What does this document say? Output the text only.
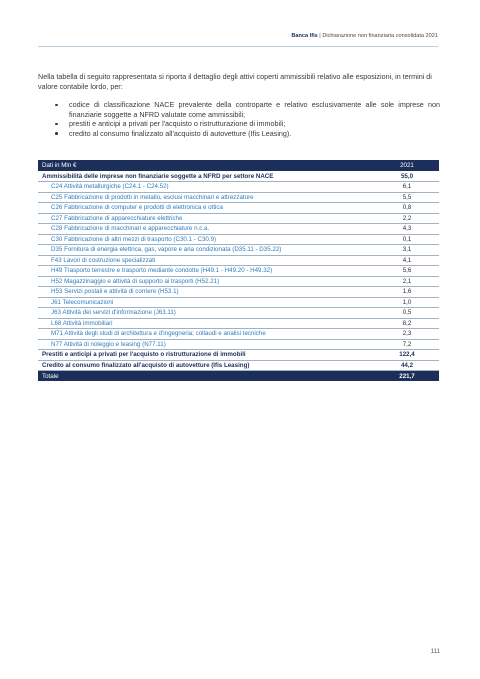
Banca Ifis | Dichiarazione non finanziaria consolidata 2021

Nella tabella di seguito rappresentata si riporta il dettaglio degli attivi coperti ammissibili relativo alle esposizioni, in termini di valore contabile lordo, per:

codice di classificazione NACE prevalente della controparte e relativo esclusivamente alle sole imprese non finanziarie soggette a NFRD valutate come ammissibili;
prestiti e anticipi a privati per l'acquisto o ristrutturazione di immobili;
credito al consumo finalizzato all'acquisto di autovetture (Ifis Leasing).
Dati in Mln €	2021
Ammissibilità delle imprese non finanziarie soggette a NFRD per settore NACE	55,0
C24 Attività metallurgiche (C24.1 - C24.52)	6,1
C25 Fabbricazione di prodotti in metallo, esclusi macchinari e attrezzature	5,5
C26 Fabbricazione di computer e prodotti di elettronica e ottica	0,8
C27 Fabbricazione di apparecchiature elettriche	2,2
C28 Fabbricazione di macchinari e apparecchiature n.c.a.	4,3
C30 Fabbricazione di altri mezzi di trasporto (C30.1 - C30.9)	0,1
D35 Fornitura di energia elettrica, gas, vapore e aria condizionata (D35.11 - D35.22)	3,1
F43 Lavori di costruzione specializzati	4,1
H49 Trasporto terrestre e trasporto mediante condotte (H49.1 - H49.20 - H49.32)	5,6
H52 Magazzinaggio e attività di supporto ai trasporti (H52.21)	2,1
H53 Servizi postali e attività di corriere (H53.1)	1,6
J61 Telecomunicazioni	1,0
J63 Attività dei servizi d'informazione (J63.11)	0,5
L68 Attività immobiliari	8,2
M71 Attività degli studi di architettura e d'ingegneria; collaudi e analisi tecniche	2,3
N77 Attività di noleggio e leasing (N77.11)	7,2
Prestiti e anticipi a privati per l'acquisto o ristrutturazione di immobili	122,4
Credito al consumo finalizzato all'acquisto di autovetture (Ifis Leasing)	44,2
Totale	221,7
111
